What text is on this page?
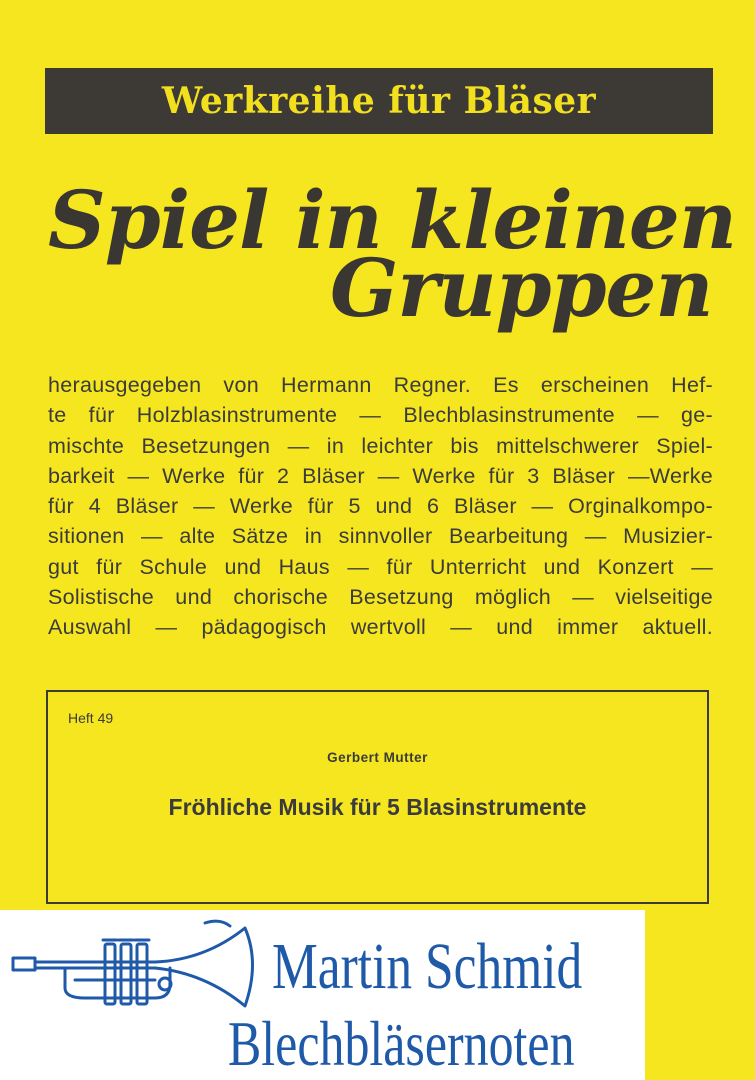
Werkreihe für Bläser
Spiel in kleinen
Gruppen
herausgegeben von Hermann Regner. Es erscheinen Hef-
te für Holzblasinstrumente — Blechblasinstrumente — ge-
mischte Besetzungen — in leichter bis mittelschwerer Spiel-
barkeit — Werke für 2 Bläser — Werke für 3 Bläser —Werke
für 4 Bläser — Werke für 5 und 6 Bläser — Orginalkompo-
sitionen — alte Sätze in sinnvoller Bearbeitung — Musizier-
gut für Schule und Haus — für Unterricht und Konzert —
Solistische und chorische Besetzung möglich — vielseitige
Auswahl — pädagogisch wertvoll — und immer aktuell.
Heft 49
Gerbert Mutter
Fröhliche Musik für 5 Blasinstrumente
Martin Schmid
Blechbläsernoten
